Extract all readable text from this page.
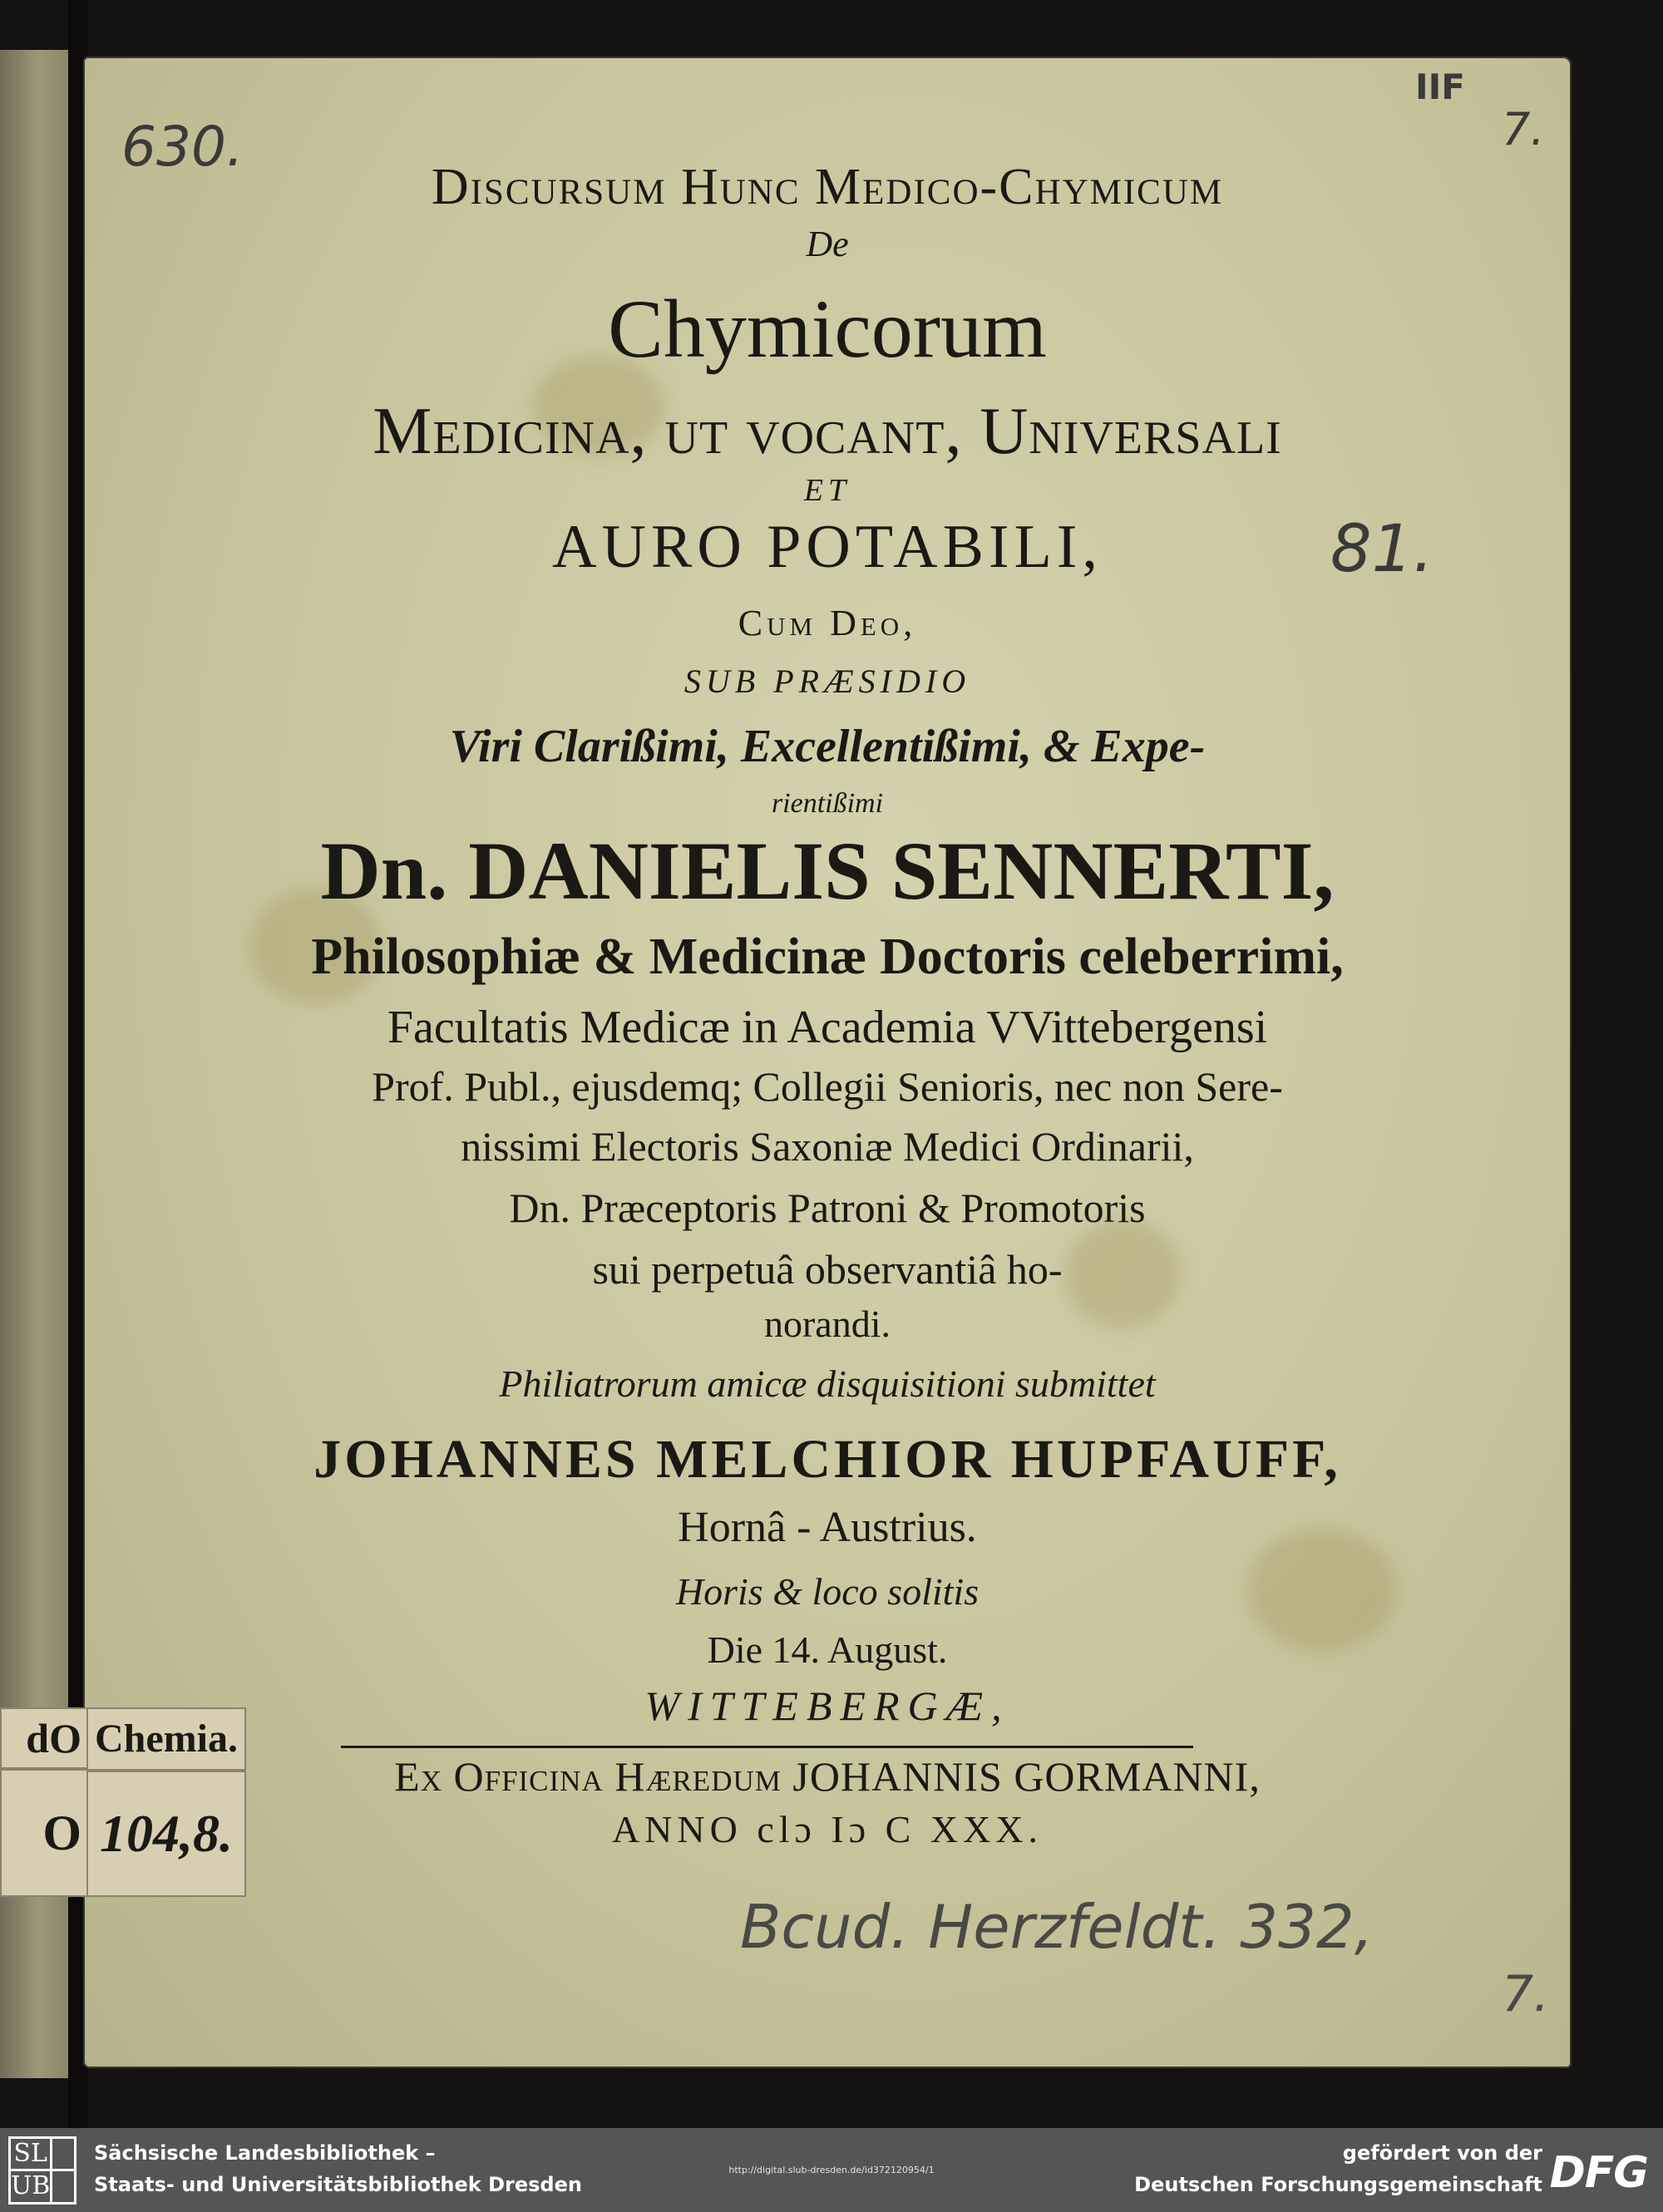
Discursum Hunc Medico-Chymicum
De
Chymicorum
Medicina, ut vocant, Universali
ET
AURO POTABILI,
Cum Deo,
SUB PRÆSIDIO
Viri Clarißimi, Excellentißimi, & Expe-
rientißimi
Dn. DANIELIS SENNERTI,
Philosophiæ & Medicinæ Doctoris celeberrimi,
Facultatis Medicæ in Academia VVittebergensi
Prof. Publ., ejusdemq; Collegii Senioris, nec non Sere-
nissimi Electoris Saxoniæ Medici Ordinarii,
Dn. Præceptoris Patroni & Promotoris
sui perpetuâ observantiâ ho-
norandi.
Philiatrorum amicæ disquisitioni submittet
JOHANNES MELCHIOR HUPFAUFF,
Hornâ - Austrius.
Horis & loco solitis
Die 14. August.
WITTEBERGÆ,
Ex Officina Hæredum JOHANNIS GORMANNI,
ANNO clɔ Iɔ C XXX.
630.
IIF
7.
81.
Bcud. Herzfeldt. 332,
7.
dO
O
Chemia.
104,8.
SL
UB
Sächsische Landesbibliothek –
Staats- und Universitätsbibliothek Dresden
http://digital.slub-dresden.de/id372120954/1
gefördert von der
Deutschen Forschungsgemeinschaft DFG
